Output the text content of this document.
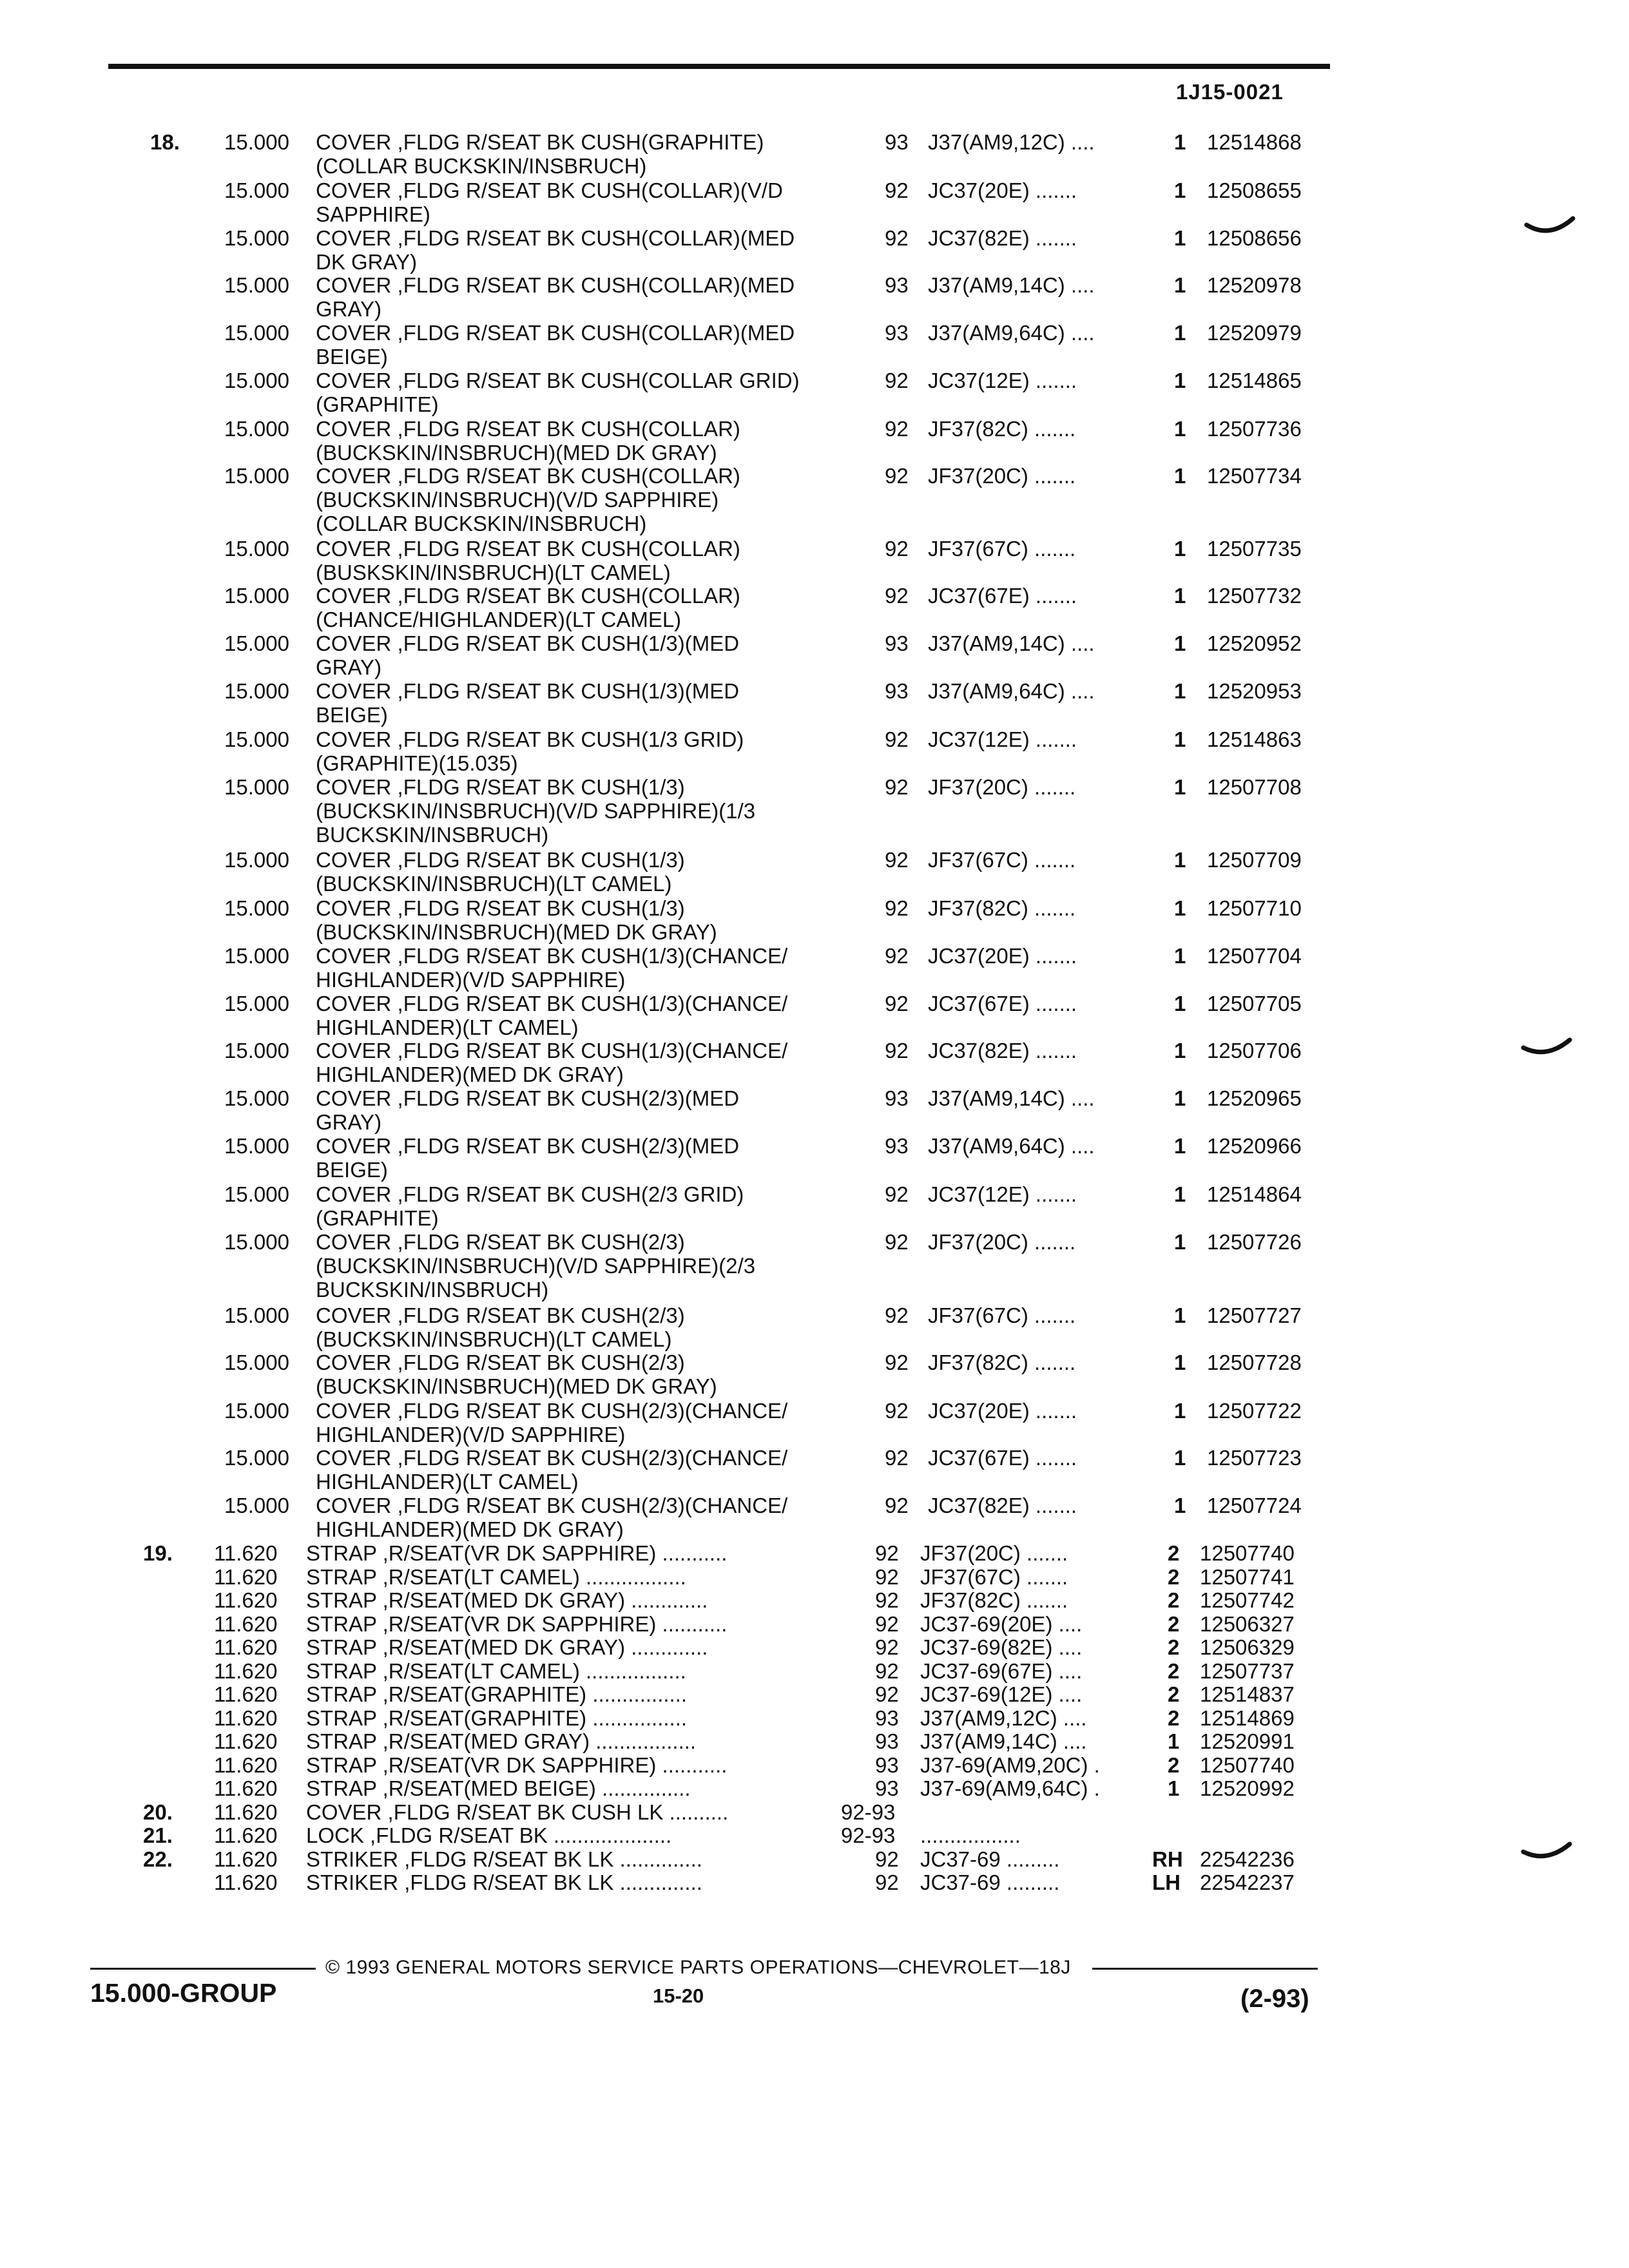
1J15-0021
18. 15.000 COVER ,FLDG R/SEAT BK CUSH(GRAPHITE)
(COLLAR BUCKSKIN/INSBRUCH)
93 J37(AM9,12C) ....	1 12514868
15.000 COVER ,FLDG R/SEAT BK CUSH(COLLAR)(V/D
SAPPHIRE)
92 JC37(20E) .......	1 12508655
15.000 COVER ,FLDG R/SEAT BK CUSH(COLLAR)(MED
DK GRAY)
92 JC37(82E) .......	1 12508656
15.000 COVER ,FLDG R/SEAT BK CUSH(COLLAR)(MED
GRAY)
93 J37(AM9,14C) ....	1 12520978
15.000 COVER ,FLDG R/SEAT BK CUSH(COLLAR)(MED
BEIGE)
93 J37(AM9,64C) ....	1 12520979
15.000 COVER ,FLDG R/SEAT BK CUSH(COLLAR GRID)
(GRAPHITE)
92 JC37(12E) .......	1 12514865
15.000 COVER ,FLDG R/SEAT BK CUSH(COLLAR)
(BUCKSKIN/INSBRUCH)(MED DK GRAY)
92 JF37(82C) .......	1 12507736
15.000 COVER ,FLDG R/SEAT BK CUSH(COLLAR)
(BUCKSKIN/INSBRUCH)(V/D SAPPHIRE)
(COLLAR BUCKSKIN/INSBRUCH)
92 JF37(20C) .......	1 12507734
15.000 COVER ,FLDG R/SEAT BK CUSH(COLLAR)
(BUSKSKIN/INSBRUCH)(LT CAMEL)
92 JF37(67C) .......	1 12507735
15.000 COVER ,FLDG R/SEAT BK CUSH(COLLAR)
(CHANCE/HIGHLANDER)(LT CAMEL)
92 JC37(67E) .......	1 12507732
15.000 COVER ,FLDG R/SEAT BK CUSH(1/3)(MED
GRAY)
93 J37(AM9,14C) ....	1 12520952
15.000 COVER ,FLDG R/SEAT BK CUSH(1/3)(MED
BEIGE)
93 J37(AM9,64C) ....	1 12520953
15.000 COVER ,FLDG R/SEAT BK CUSH(1/3 GRID)
(GRAPHITE)(15.035)
92 JC37(12E) .......	1 12514863
15.000 COVER ,FLDG R/SEAT BK CUSH(1/3)
(BUCKSKIN/INSBRUCH)(V/D SAPPHIRE)(1/3
BUCKSKIN/INSBRUCH)
92 JF37(20C) .......	1 12507708
15.000 COVER ,FLDG R/SEAT BK CUSH(1/3)
(BUCKSKIN/INSBRUCH)(LT CAMEL)
92 JF37(67C) .......	1 12507709
15.000 COVER ,FLDG R/SEAT BK CUSH(1/3)
(BUCKSKIN/INSBRUCH)(MED DK GRAY)
92 JF37(82C) .......	1 12507710
15.000 COVER ,FLDG R/SEAT BK CUSH(1/3)(CHANCE/
HIGHLANDER)(V/D SAPPHIRE)
92 JC37(20E) .......	1 12507704
15.000 COVER ,FLDG R/SEAT BK CUSH(1/3)(CHANCE/
HIGHLANDER)(LT CAMEL)
92 JC37(67E) .......	1 12507705
15.000 COVER ,FLDG R/SEAT BK CUSH(1/3)(CHANCE/
HIGHLANDER)(MED DK GRAY)
92 JC37(82E) .......	1 12507706
15.000 COVER ,FLDG R/SEAT BK CUSH(2/3)(MED
GRAY)
93 J37(AM9,14C) ....	1 12520965
15.000 COVER ,FLDG R/SEAT BK CUSH(2/3)(MED
BEIGE)
93 J37(AM9,64C) ....	1 12520966
15.000 COVER ,FLDG R/SEAT BK CUSH(2/3 GRID)
(GRAPHITE)
92 JC37(12E) .......	1 12514864
15.000 COVER ,FLDG R/SEAT BK CUSH(2/3)
(BUCKSKIN/INSBRUCH)(V/D SAPPHIRE)(2/3
BUCKSKIN/INSBRUCH)
92 JF37(20C) .......	1 12507726
15.000 COVER ,FLDG R/SEAT BK CUSH(2/3)
(BUCKSKIN/INSBRUCH)(LT CAMEL)
92 JF37(67C) .......	1 12507727
15.000 COVER ,FLDG R/SEAT BK CUSH(2/3)
(BUCKSKIN/INSBRUCH)(MED DK GRAY)
92 JF37(82C) .......	1 12507728
15.000 COVER ,FLDG R/SEAT BK CUSH(2/3)(CHANCE/
HIGHLANDER)(V/D SAPPHIRE)
92 JC37(20E) .......	1 12507722
15.000 COVER ,FLDG R/SEAT BK CUSH(2/3)(CHANCE/
HIGHLANDER)(LT CAMEL)
92 JC37(67E) .......	1 12507723
15.000 COVER ,FLDG R/SEAT BK CUSH(2/3)(CHANCE/
HIGHLANDER)(MED DK GRAY)
92 JC37(82E) .......	1 12507724
19. 11.620 STRAP ,R/SEAT(VR DK SAPPHIRE) ...........	92 JF37(20C) .......	2 12507740
11.620 STRAP ,R/SEAT(LT CAMEL) .................	92 JF37(67C) .......	2 12507741
11.620 STRAP ,R/SEAT(MED DK GRAY) .............	92 JF37(82C) .......	2 12507742
11.620 STRAP ,R/SEAT(VR DK SAPPHIRE) ...........	92 JC37-69(20E) ....	2 12506327
11.620 STRAP ,R/SEAT(MED DK GRAY) .............	92 JC37-69(82E) ....	2 12506329
11.620 STRAP ,R/SEAT(LT CAMEL) .................	92 JC37-69(67E) ....	2 12507737
11.620 STRAP ,R/SEAT(GRAPHITE) ................	92 JC37-69(12E) ....	2 12514837
11.620 STRAP ,R/SEAT(GRAPHITE) ................	93 J37(AM9,12C) ....	2 12514869
11.620 STRAP ,R/SEAT(MED GRAY) .................	93 J37(AM9,14C) ....	1 12520991
11.620 STRAP ,R/SEAT(VR DK SAPPHIRE) ...........	93 J37-69(AM9,20C) .	2 12507740
11.620 STRAP ,R/SEAT(MED BEIGE) ...............	93 J37-69(AM9,64C) .	1 12520992
20. 11.620 COVER ,FLDG R/SEAT BK CUSH LK ..........	92-93
21. 11.620 LOCK ,FLDG R/SEAT BK ....................	92-93 .................
22. 11.620 STRIKER ,FLDG R/SEAT BK LK ..............	92 JC37-69 .........	RH 22542236
11.620 STRIKER ,FLDG R/SEAT BK LK ..............	92 JC37-69 .........	LH 22542237
© 1993 GENERAL MOTORS SERVICE PARTS OPERATIONS—CHEVROLET—18J
15.000-GROUP	15-20	(2-93)
